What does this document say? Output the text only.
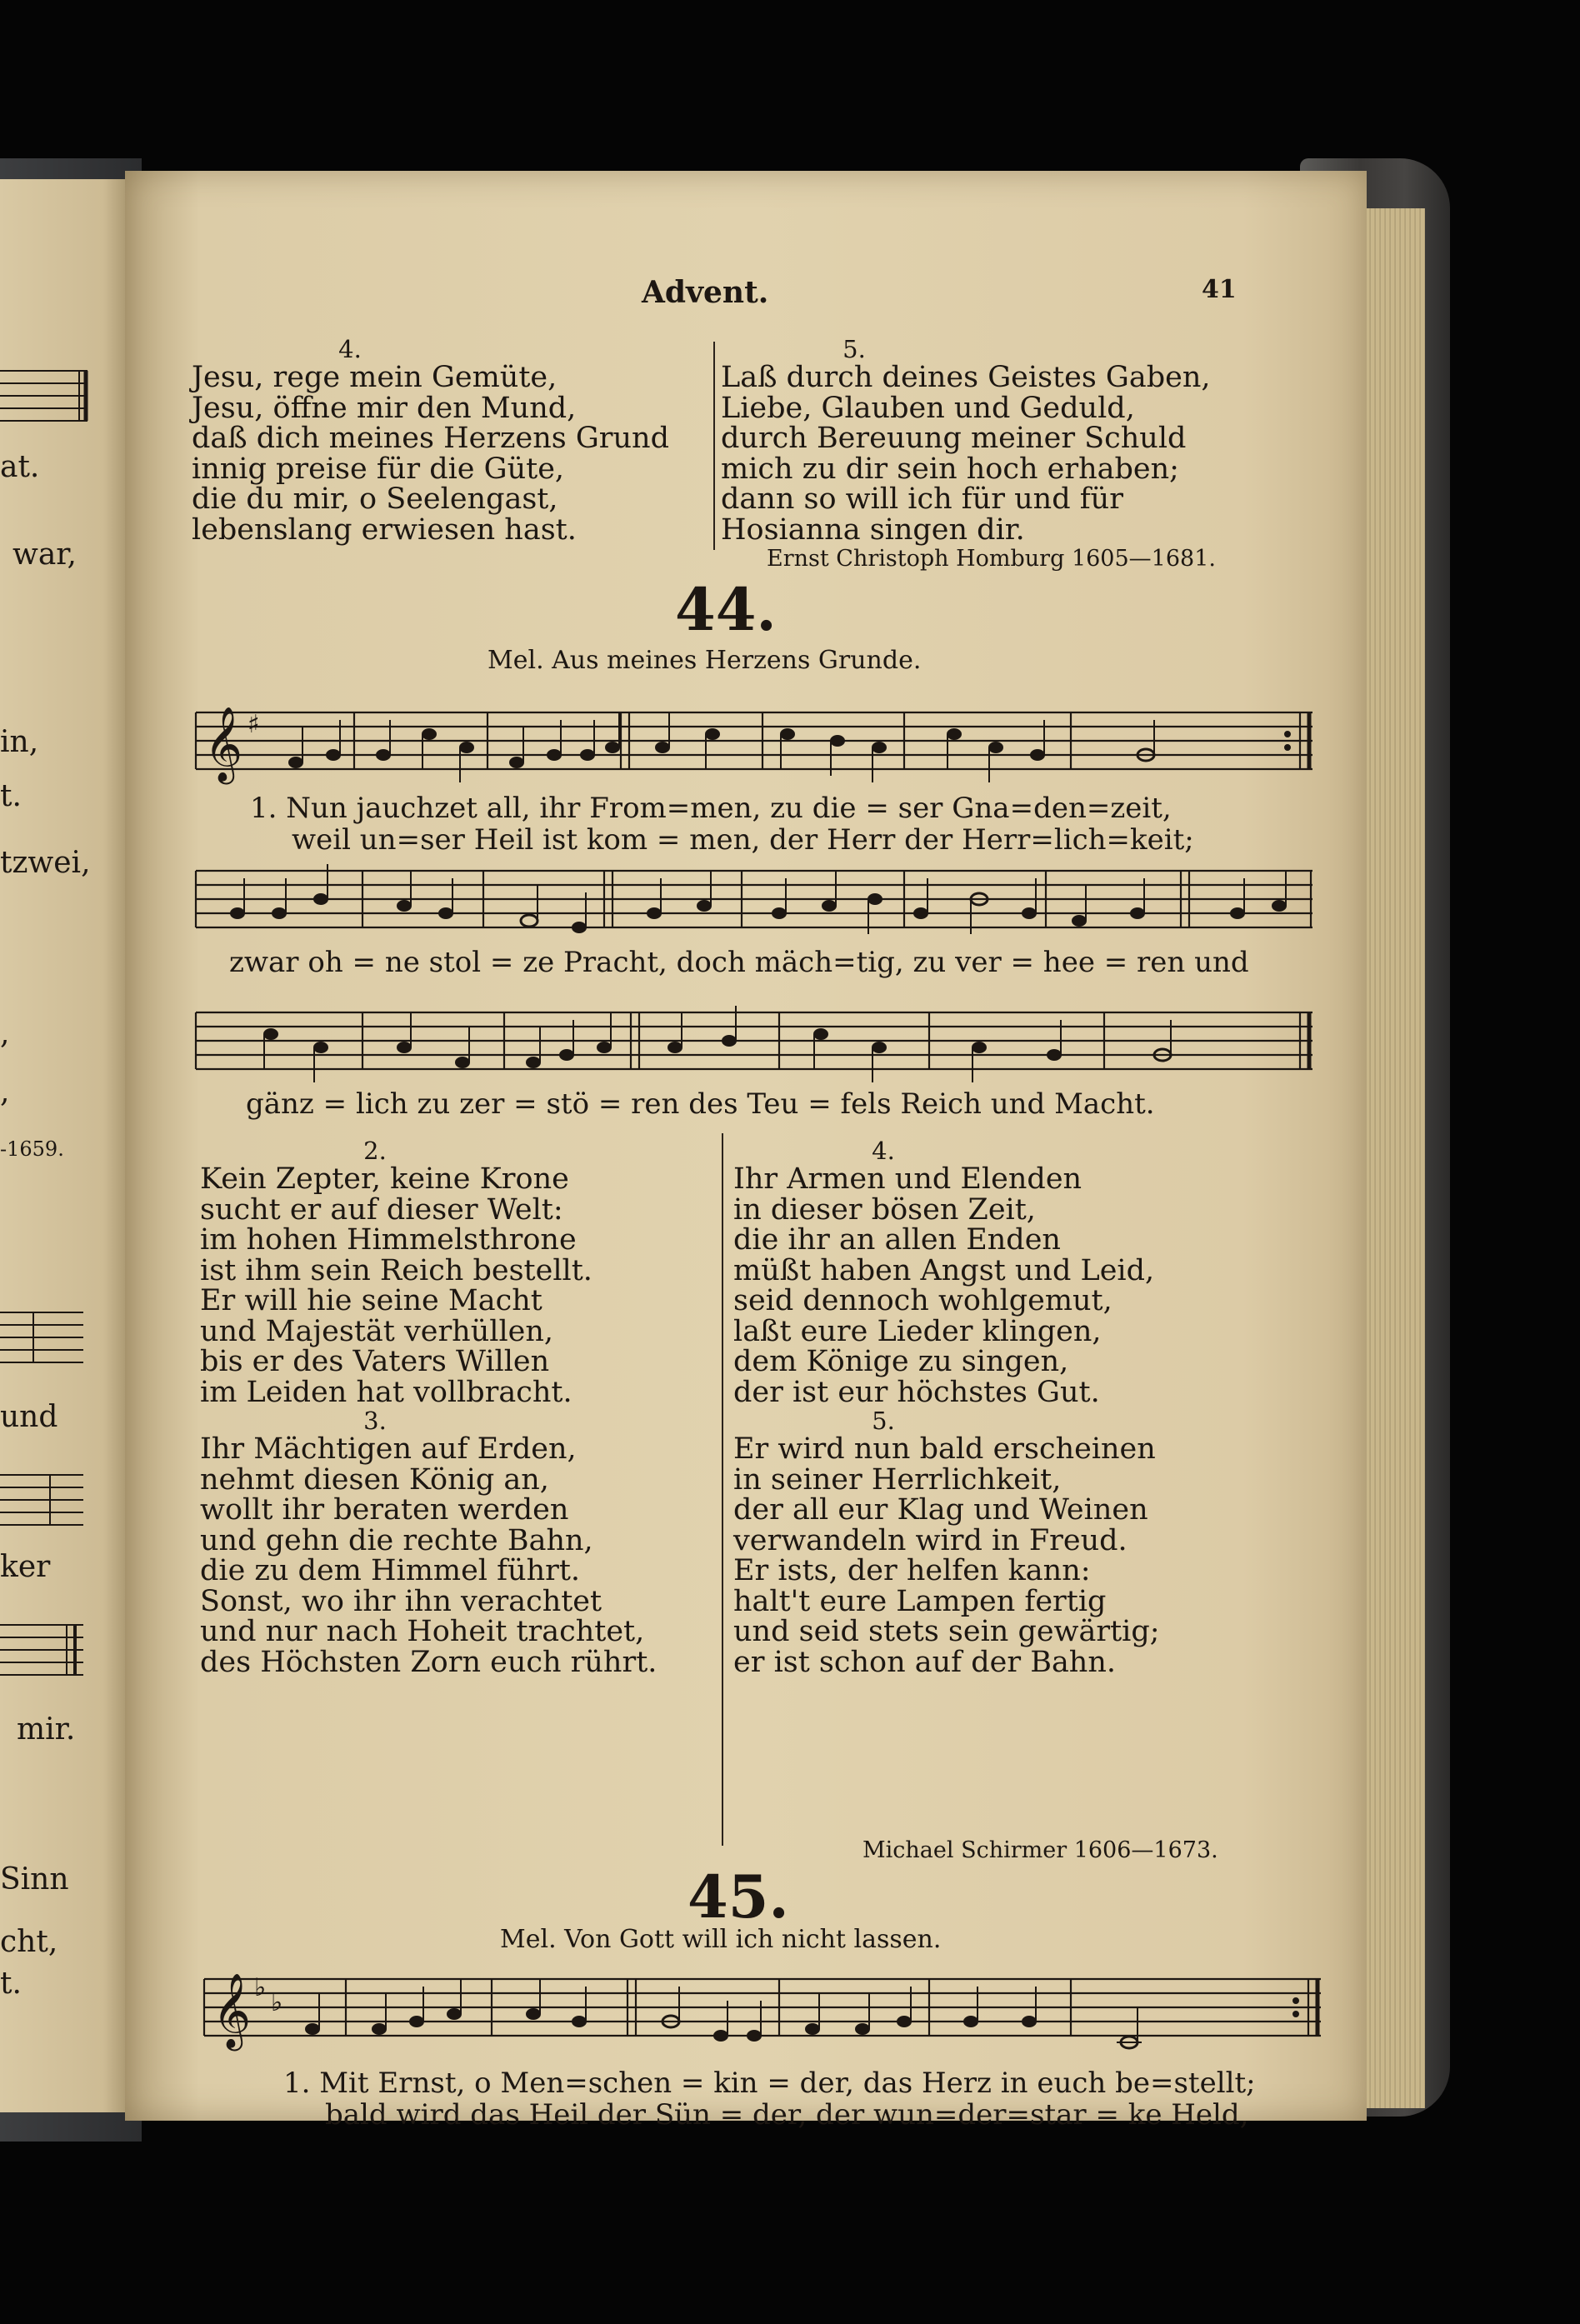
at.
war,
in,
t.
tzwei,
,
,
-1659.
und
ker
mir.
Sinn
cht,
t.
Advent.	41
4.
Jesu, rege mein Gemüte,
Jesu, öffne mir den Mund,
daß dich meines Herzens Grund
innig preise für die Güte,
die du mir, o Seelengast,
lebenslang erwiesen hast.
5.
Laß durch deines Geistes Gaben,
Liebe, Glauben und Geduld,
durch Bereuung meiner Schuld
mich zu dir sein hoch erhaben;
dann so will ich für und für
Hosianna singen dir.
Ernst Christoph Homburg 1605—1681.
44.
Mel. Aus meines Herzens Grunde.
𝄞 ♯
1. Nun jauchzet all, ihr From=men, zu die = ser Gna=den=zeit,
weil un=ser Heil ist kom = men, der Herr der Herr=lich=keit;
zwar oh = ne stol = ze Pracht, doch mäch=tig, zu ver = hee = ren und
gänz = lich zu zer = stö = ren des Teu = fels Reich und Macht.
2.
Kein Zepter, keine Krone
sucht er auf dieser Welt:
im hohen Himmelsthrone
ist ihm sein Reich bestellt.
Er will hie seine Macht
und Majestät verhüllen,
bis er des Vaters Willen
im Leiden hat vollbracht.
3.
Ihr Mächtigen auf Erden,
nehmt diesen König an,
wollt ihr beraten werden
und gehn die rechte Bahn,
die zu dem Himmel führt.
Sonst, wo ihr ihn verachtet
und nur nach Hoheit trachtet,
des Höchsten Zorn euch rührt.
4.
Ihr Armen und Elenden
in dieser bösen Zeit,
die ihr an allen Enden
müßt haben Angst und Leid,
seid dennoch wohlgemut,
laßt eure Lieder klingen,
dem Könige zu singen,
der ist eur höchstes Gut.
5.
Er wird nun bald erscheinen
in seiner Herrlichkeit,
der all eur Klag und Weinen
verwandeln wird in Freud.
Er ists, der helfen kann:
halt't eure Lampen fertig
und seid stets sein gewärtig;
er ist schon auf der Bahn.
Michael Schirmer 1606—1673.
45.
Mel. Von Gott will ich nicht lassen.
𝄞 ♭
♭
1. Mit Ernst, o Men=schen = kin = der, das Herz in euch be=stellt;
bald wird das Heil der Sün = der, der wun=der=star = ke Held,
